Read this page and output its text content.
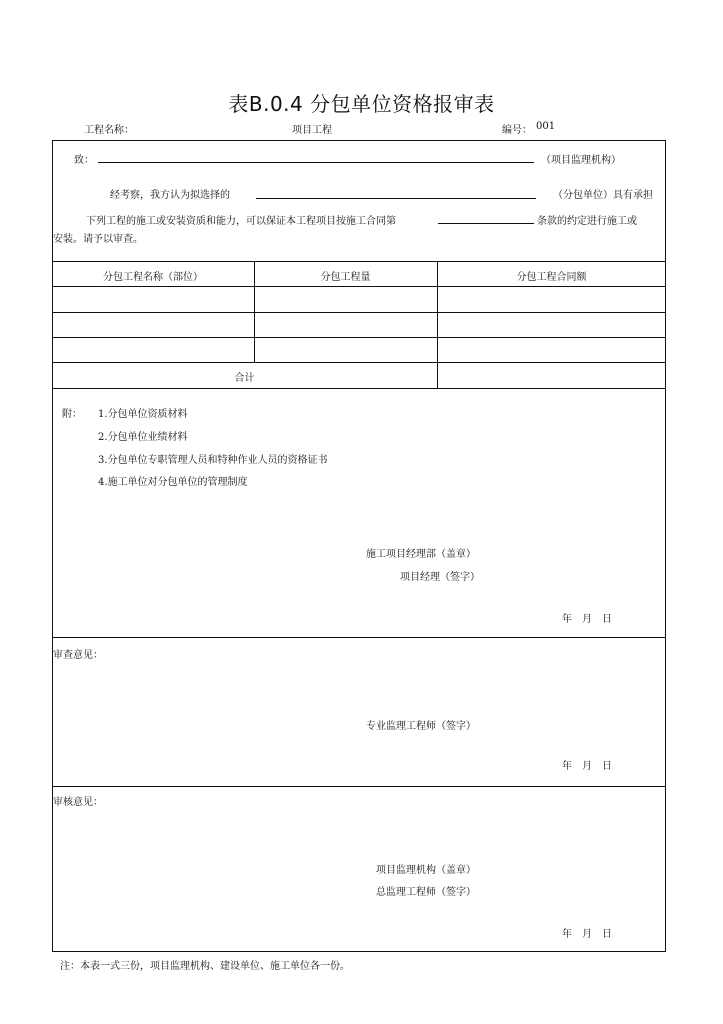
表B.0.4 分包单位资格报审表
工程名称：	项目工程	编号： 001
致：	（项目监理机构）
经考察，我方认为拟选择的	（分包单位）具有承担
下列工程的施工或安装资质和能力，可以保证本工程项目按施工合同第	条款的约定进行施工或
安装。请予以审查。
分包工程名称（部位）	分包工程量	分包工程合同额
合计
附： 1.分包单位资质材料
2.分包单位业绩材料
3.分包单位专职管理人员和特种作业人员的资格证书
4.施工单位对分包单位的管理制度
施工项目经理部（盖章）
项目经理（签字）
年　月　日
审查意见：
专业监理工程师（签字）
年　月　日
审核意见：
项目监理机构（盖章）
总监理工程师（签字）
年　月　日
注：本表一式三份，项目监理机构、建设单位、施工单位各一份。
